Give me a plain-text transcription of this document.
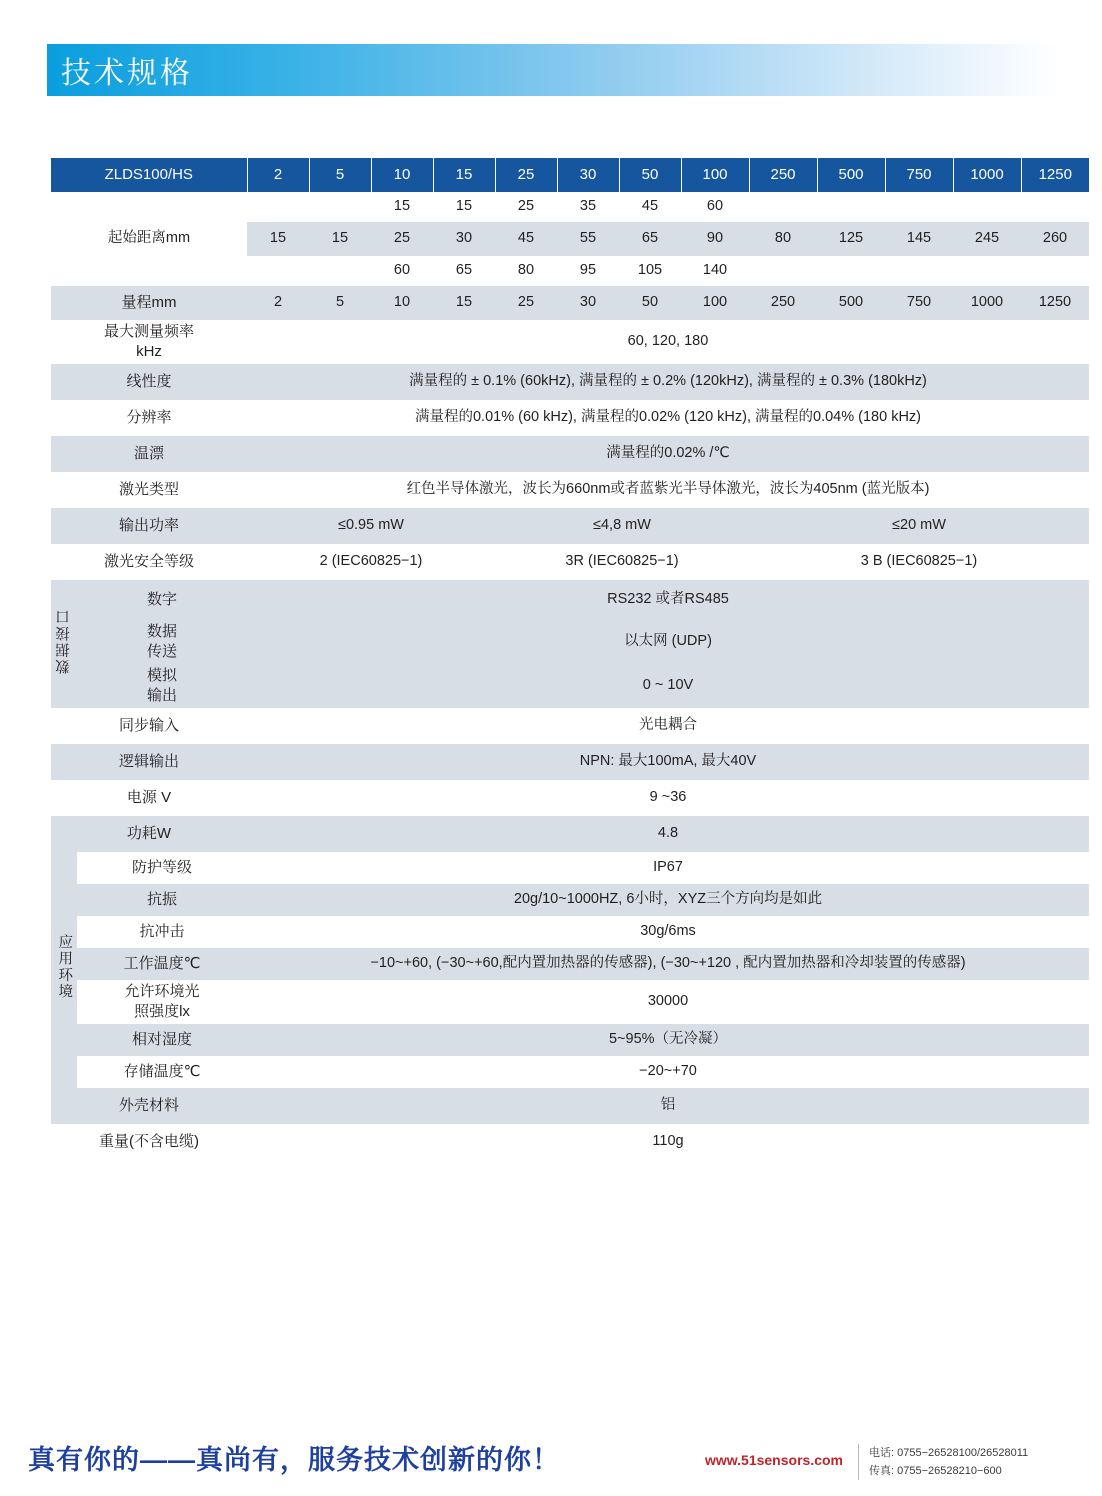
技术规格
ZLDS100/HS		2	5	10	15	25	30	50	100	250	500	750	1000	1250
起始距离mm				15	15	25	35	45	60					
		15	15	25	30	45	55	65	90	80	125	145	245	260
				60	65	80	95	105	140					
量程mm		2	5	10	15	25	30	50	100	250	500	750	1000	1250

最大测量频率
kHz		60, 120, 180												
线性度		满量程的 ± 0.1% (60kHz), 满量程的 ± 0.2% (120kHz), 满量程的 ± 0.3% (180kHz)												
分辨率		满量程的0.01% (60 kHz), 满量程的0.02% (120 kHz), 满量程的0.04% (180 kHz)												
温漂		满量程的0.02% /℃												
激光类型		红色半导体激光，波长为660nm或者蓝紫光半导体激光，波长为405nm (蓝光版本)												
输出功率		≤0.95 mW				≤4,8 mW				≤20 mW				
激光安全等级		2 (IEC60825−1)				3R (IEC60825−1)				3 B (IEC60825−1)				
数据接口	数字	RS232 或者RS485												

	数据
传送	以太网 (UDP)												

	模拟
输出	0 ~ 10V												
同步输入		光电耦合												
逻辑输出		NPN: 最大100mA, 最大40V												
电源 V		9 ~36												
功耗W		4.8												
应用环境	防护等级	IP67												
	抗振	20g/10~1000HZ, 6小时，XYZ三个方向均是如此												
	抗冲击	30g/6ms												
	工作温度℃	−10~+60, (−30~+60,配内置加热器的传感器), (−30~+120 , 配内置加热器和冷却装置的传感器)												

	允许环境光
照强度lx	30000												
	相对湿度	5~95%（无冷凝）												
	存储温度℃	−20~+70												
外壳材料		铝												
重量(不含电缆)		110g												
真有你的——真尚有，服务技术创新的你！	www.51sensors.com 电话: 0755−26528100/26528011
传真: 0755−26528210−600
